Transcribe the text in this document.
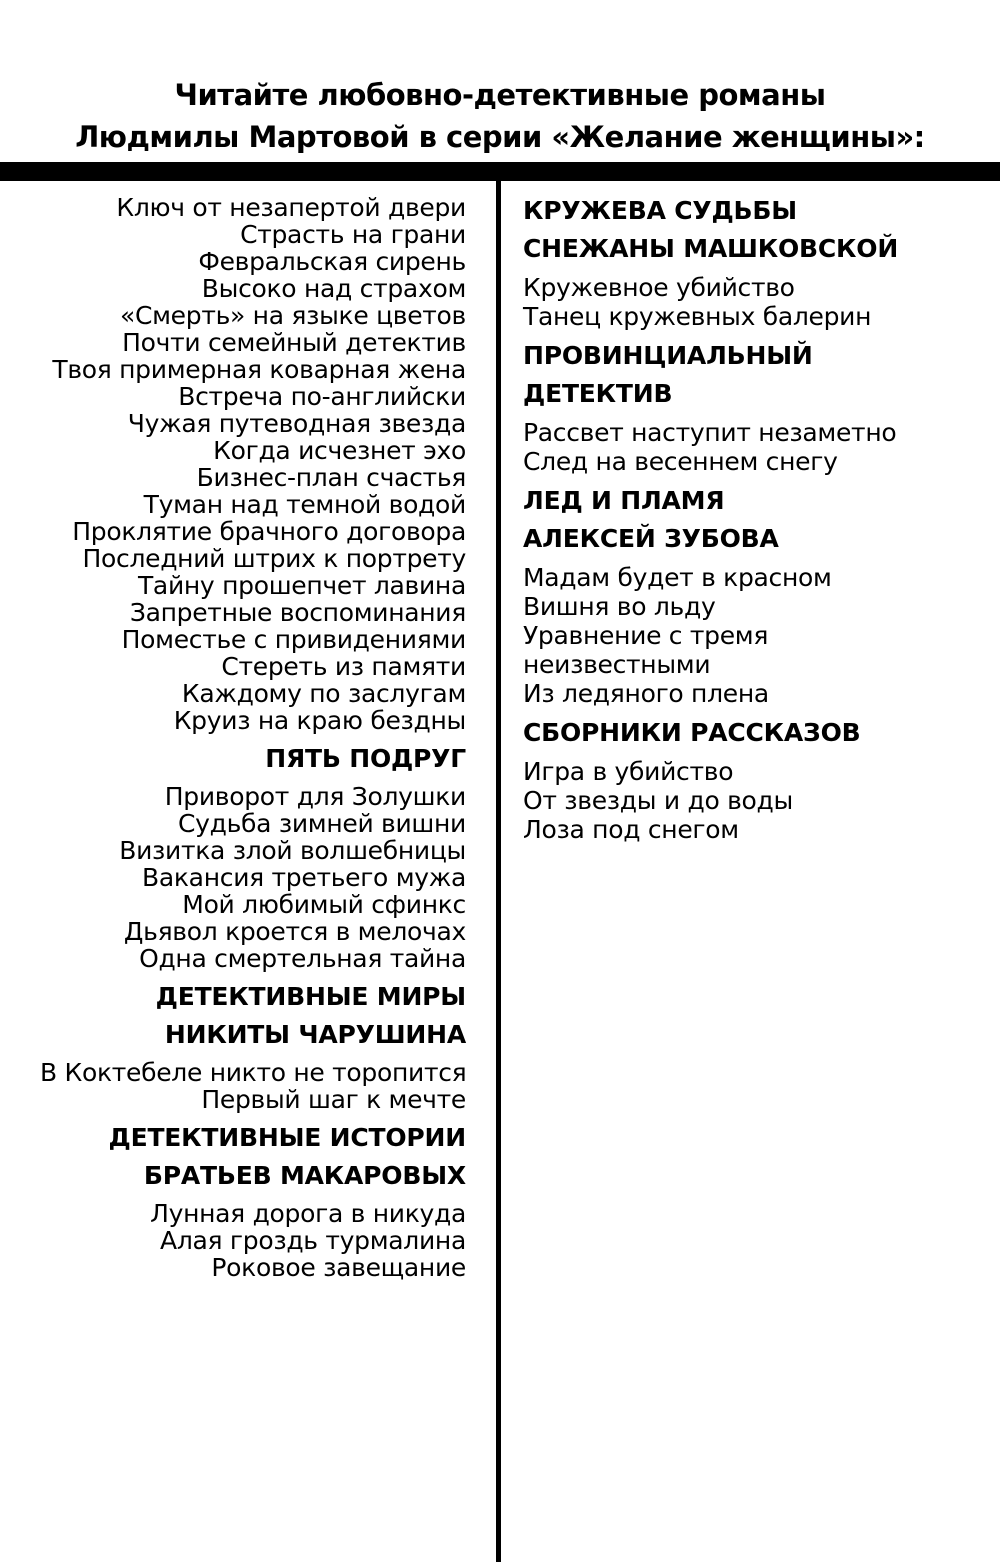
Читайте любовно-детективные романы
Людмилы Мартовой в серии «Желание женщины»:
Ключ от незапертой двери
Страсть на грани
Февральская сирень
Высоко над страхом
«Смерть» на языке цветов
Почти семейный детектив
Твоя примерная коварная жена
Встреча по-английски
Чужая путеводная звезда
Когда исчезнет эхо
Бизнес-план счастья
Туман над темной водой
Проклятие брачного договора
Последний штрих к портрету
Тайну прошепчет лавина
Запретные воспоминания
Поместье с привидениями
Стереть из памяти
Каждому по заслугам
Круиз на краю бездны
ПЯТЬ ПОДРУГ
Приворот для Золушки
Судьба зимней вишни
Визитка злой волшебницы
Вакансия третьего мужа
Мой любимый сфинкс
Дьявол кроется в мелочах
Одна смертельная тайна
ДЕТЕКТИВНЫЕ МИРЫ
НИКИТЫ ЧАРУШИНА
В Коктебеле никто не торопится
Первый шаг к мечте
ДЕТЕКТИВНЫЕ ИСТОРИИ
БРАТЬЕВ МАКАРОВЫХ
Лунная дорога в никуда
Алая гроздь турмалина
Роковое завещание
КРУЖЕВА СУДЬБЫ
СНЕЖАНЫ МАШКОВСКОЙ
Кружевное убийство
Танец кружевных балерин
ПРОВИНЦИАЛЬНЫЙ
ДЕТЕКТИВ
Рассвет наступит незаметно
След на весеннем снегу
ЛЕД И ПЛАМЯ
АЛЕКСЕЙ ЗУБОВА
Мадам будет в красном
Вишня во льду
Уравнение с тремя
неизвестными
Из ледяного плена
СБОРНИКИ РАССКАЗОВ
Игра в убийство
От звезды и до воды
Лоза под снегом
